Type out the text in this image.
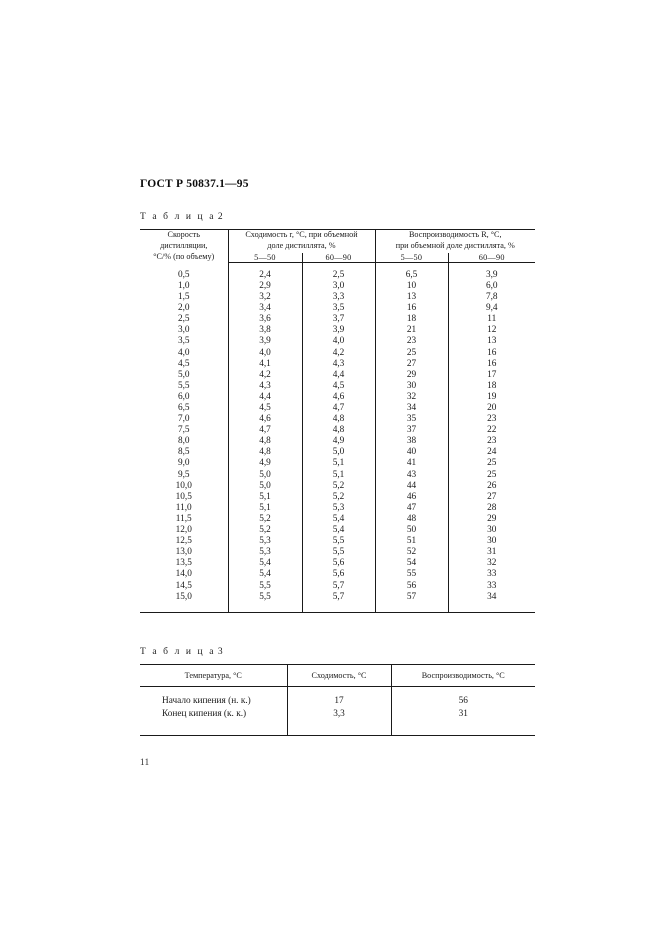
ГОСТ Р 50837.1—95
Т а б л и ц а 2
Скорость
дистилляции,
°С/% (по объему)	Сходимость r, °С, при объемной
доле дистиллята, %		Воспроизводимость R, °С,
при объемной доле дистиллята, %	
	5—50	60—90	5—50	60—90

0,5	2,4	2,5	6,5	3,9
1,0	2,9	3,0	10	6,0
1,5	3,2	3,3	13	7,8
2,0	3,4	3,5	16	9,4
2,5	3,6	3,7	18	11
3,0	3,8	3,9	21	12
3,5	3,9	4,0	23	13
4,0	4,0	4,2	25	16
4,5	4,1	4,3	27	16
5,0	4,2	4,4	29	17
5,5	4,3	4,5	30	18
6,0	4,4	4,6	32	19
6,5	4,5	4,7	34	20
7,0	4,6	4,8	35	23
7,5	4,7	4,8	37	22
8,0	4,8	4,9	38	23
8,5	4,8	5,0	40	24
9,0	4,9	5,1	41	25
9,5	5,0	5,1	43	25
10,0	5,0	5,2	44	26
10,5	5,1	5,2	46	27
11,0	5,1	5,3	47	28
11,5	5,2	5,4	48	29
12,0	5,2	5,4	50	30
12,5	5,3	5,5	51	30
13,0	5,3	5,5	52	31
13,5	5,4	5,6	54	32
14,0	5,4	5,6	55	33
14,5	5,5	5,7	56	33
15,0	5,5	5,7	57	34

Т а б л и ц а 3
Температура, °С	Сходимость, °С	Воспроизводимость, °С

Начало кипения (н. к.)	17	56
Конец кипения (к. к.)	3,3	31

11
